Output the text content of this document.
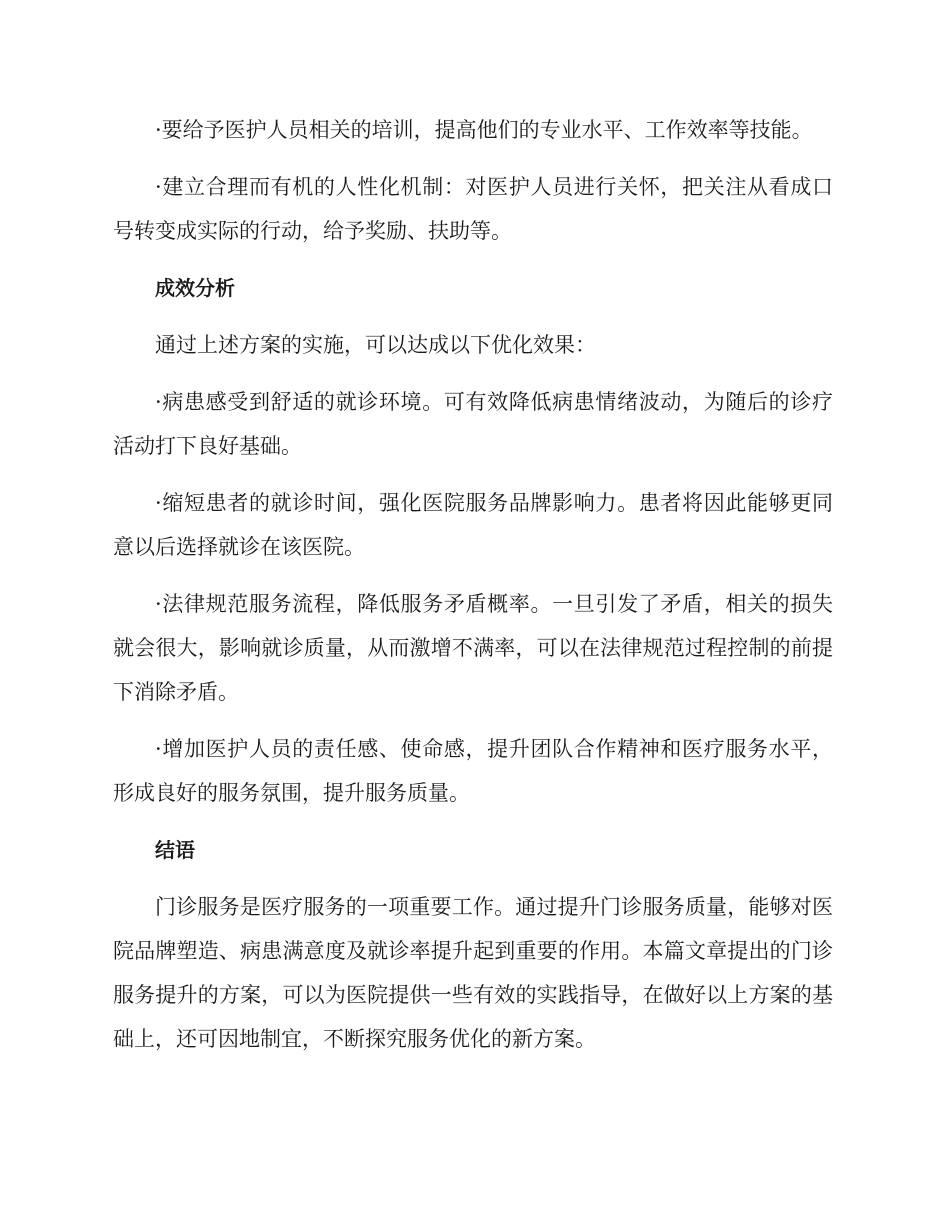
·要给予医护人员相关的培训，提高他们的专业水平、工作效率等技能。

·建立合理而有机的人性化机制：对医护人员进行关怀，把关注从看成口号转变成实际的行动，给予奖励、扶助等。

成效分析

通过上述方案的实施，可以达成以下优化效果：

·病患感受到舒适的就诊环境。可有效降低病患情绪波动，为随后的诊疗活动打下良好基础。

·缩短患者的就诊时间，强化医院服务品牌影响力。患者将因此能够更同意以后选择就诊在该医院。

·法律规范服务流程，降低服务矛盾概率。一旦引发了矛盾，相关的损失就会很大，影响就诊质量，从而激增不满率，可以在法律规范过程控制的前提下消除矛盾。

·增加医护人员的责任感、使命感，提升团队合作精神和医疗服务水平，形成良好的服务氛围，提升服务质量。

结语

门诊服务是医疗服务的一项重要工作。通过提升门诊服务质量，能够对医院品牌塑造、病患满意度及就诊率提升起到重要的作用。本篇文章提出的门诊服务提升的方案，可以为医院提供一些有效的实践指导，在做好以上方案的基础上，还可因地制宜，不断探究服务优化的新方案。
